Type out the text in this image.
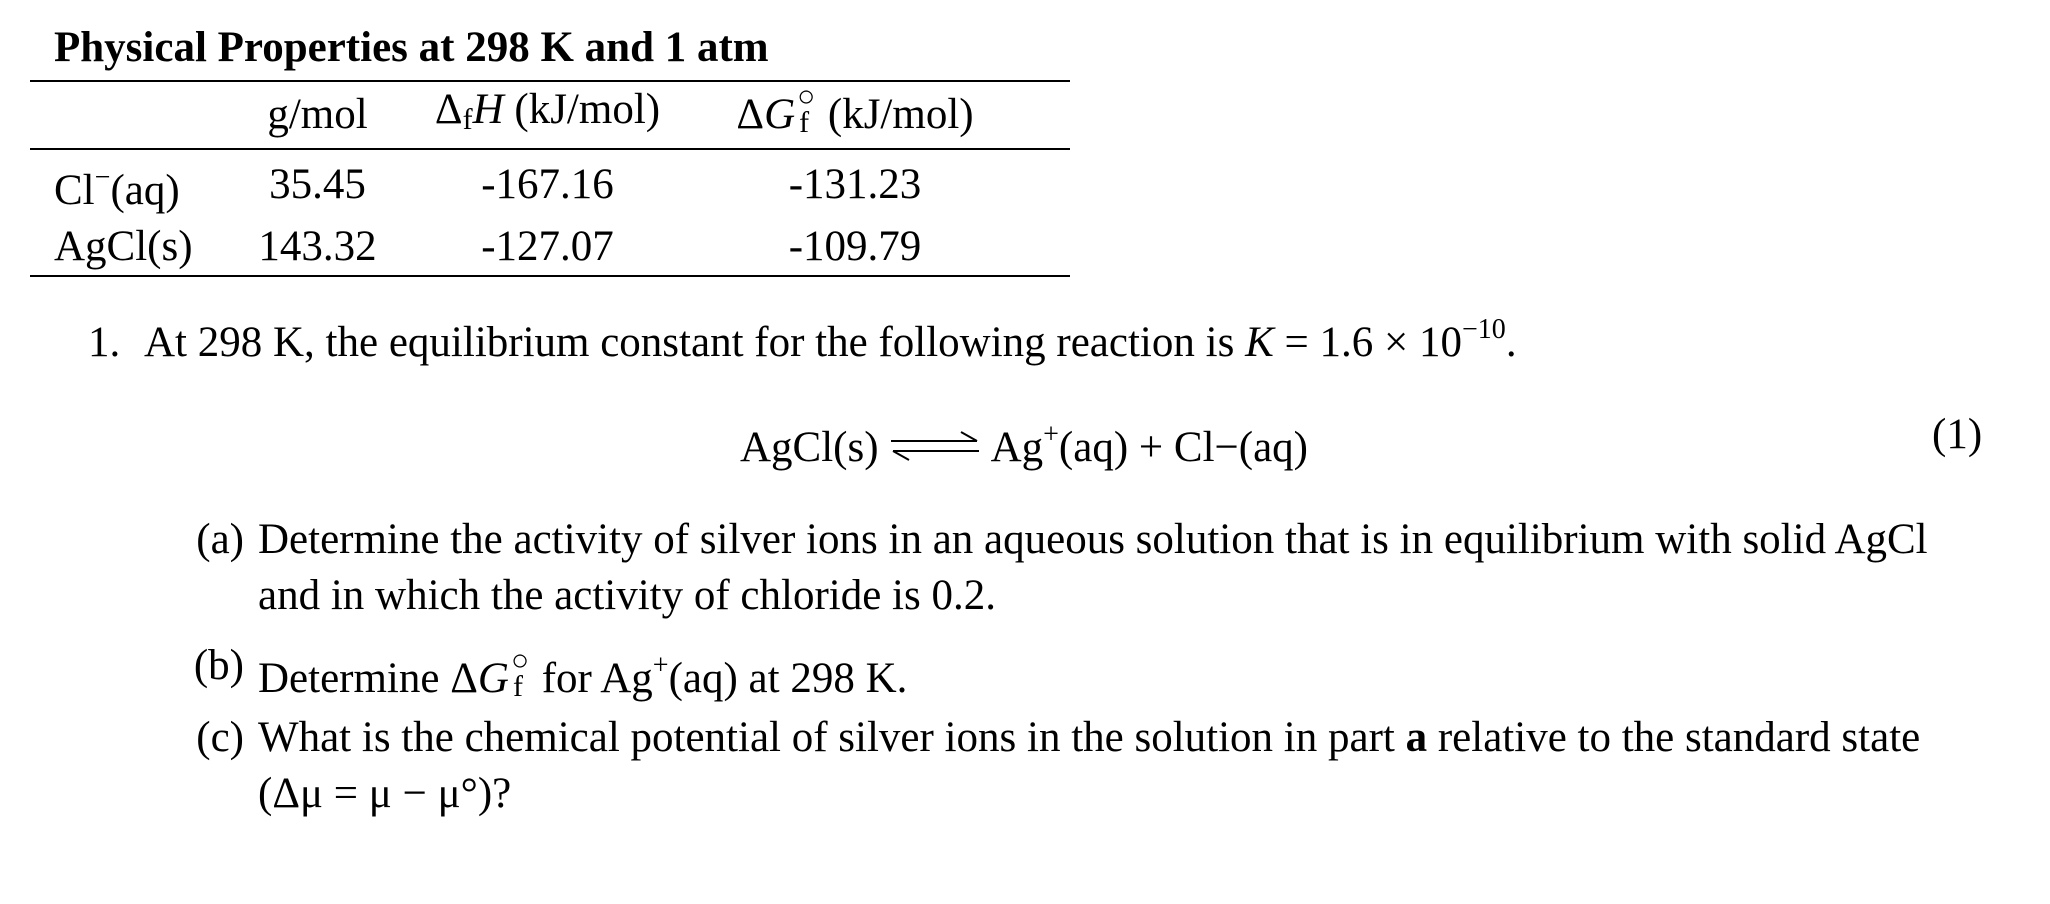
Physical Properties at 298 K and 1 atm
	g/mol	$\Delta_fH$ (kJ/mol)	ΔG ○
f (kJ/mol)	
Cl−(aq)	35.45	-167.16	-131.23	
AgCl(s)	143.32	-127.07	-109.79	
1. At 298 K, the equilibrium constant for the following reaction is $K = 1.6 \times 10^{-10}$.
AgCl(s) ⇌ Ag+(aq) + Cl−(aq)	(1)
(a) Determine the activity of silver ions in an aqueous solution that is in equilibrium with solid AgCl
and in which the activity of chloride is 0.2.
(b) Determine ΔG ○
f for Ag+(aq) at 298 K.
(c) What is the chemical potential of silver ions in the solution in part a relative to the standard state
(Δμ = μ − μ°)?
